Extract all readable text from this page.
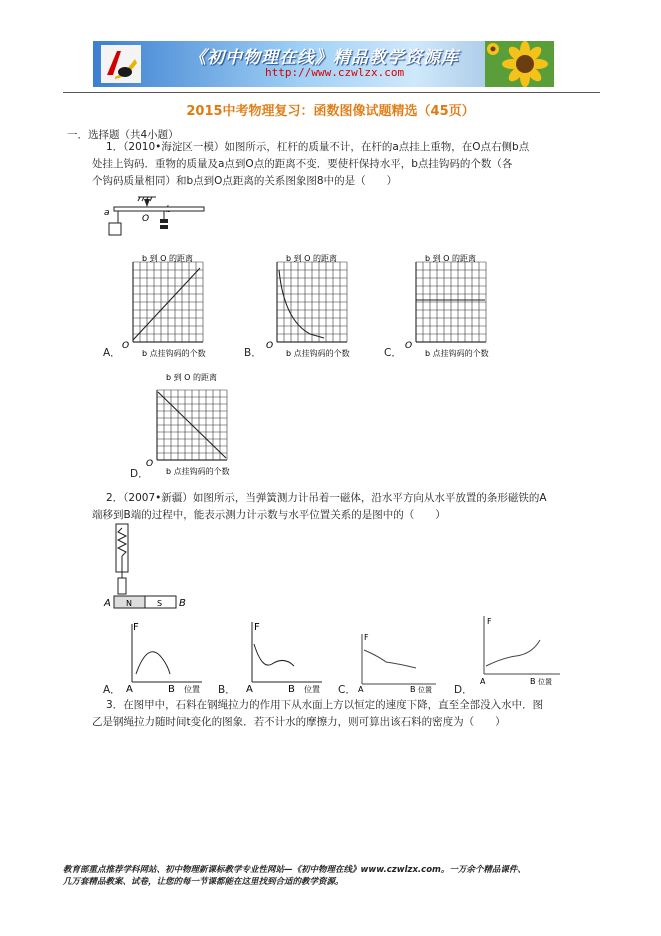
《初中物理在线》精品教学资源库
http://www.czwlzx.com
2015中考物理复习：函数图像试题精选（45页）
一．选择题（共4小题）
1．（2010•海淀区一模）如图所示，杠杆的质量不计，在杆的a点挂上重物，在O点右侧b点
处挂上钩码．重物的质量及a点到O点的距离不变．要使杆保持水平，b点挂钩码的个数（各
个钩码质量相同）和b点到O点距离的关系图象图8中的是（　　）
a
O
b 到 O 的距离
O
b 点挂钩码的个数
A．
b 到 O 的距离
O
b 点挂钩码的个数
B．
b 到 O 的距离
O
b 点挂钩码的个数
C．
b 到 O 的距离
O
b 点挂钩码的个数
D．
2．（2007•新疆）如图所示，当弹簧测力计吊着一磁体，沿水平方向从水平放置的条形磁铁的A
端移到B端的过程中，能表示测力计示数与水平位置关系的是图中的（　　）
A N	S B
F
A	B 位置
A．
F
A	B 位置
B．
F
A	B 位置
C．
F
A	B 位置
D．
3．在图甲中，石料在钢绳拉力的作用下从水面上方以恒定的速度下降，直至全部没入水中．图
乙是钢绳拉力随时间t变化的图象．若不计水的摩擦力，则可算出该石料的密度为（　　）
教育部重点推荐学科网站、初中物理新课标教学专业性网站—《初中物理在线》www.czwlzx.com。一万余个精品课件、
几万套精品教案、试卷，让您的每一节课都能在这里找到合适的教学资源。
